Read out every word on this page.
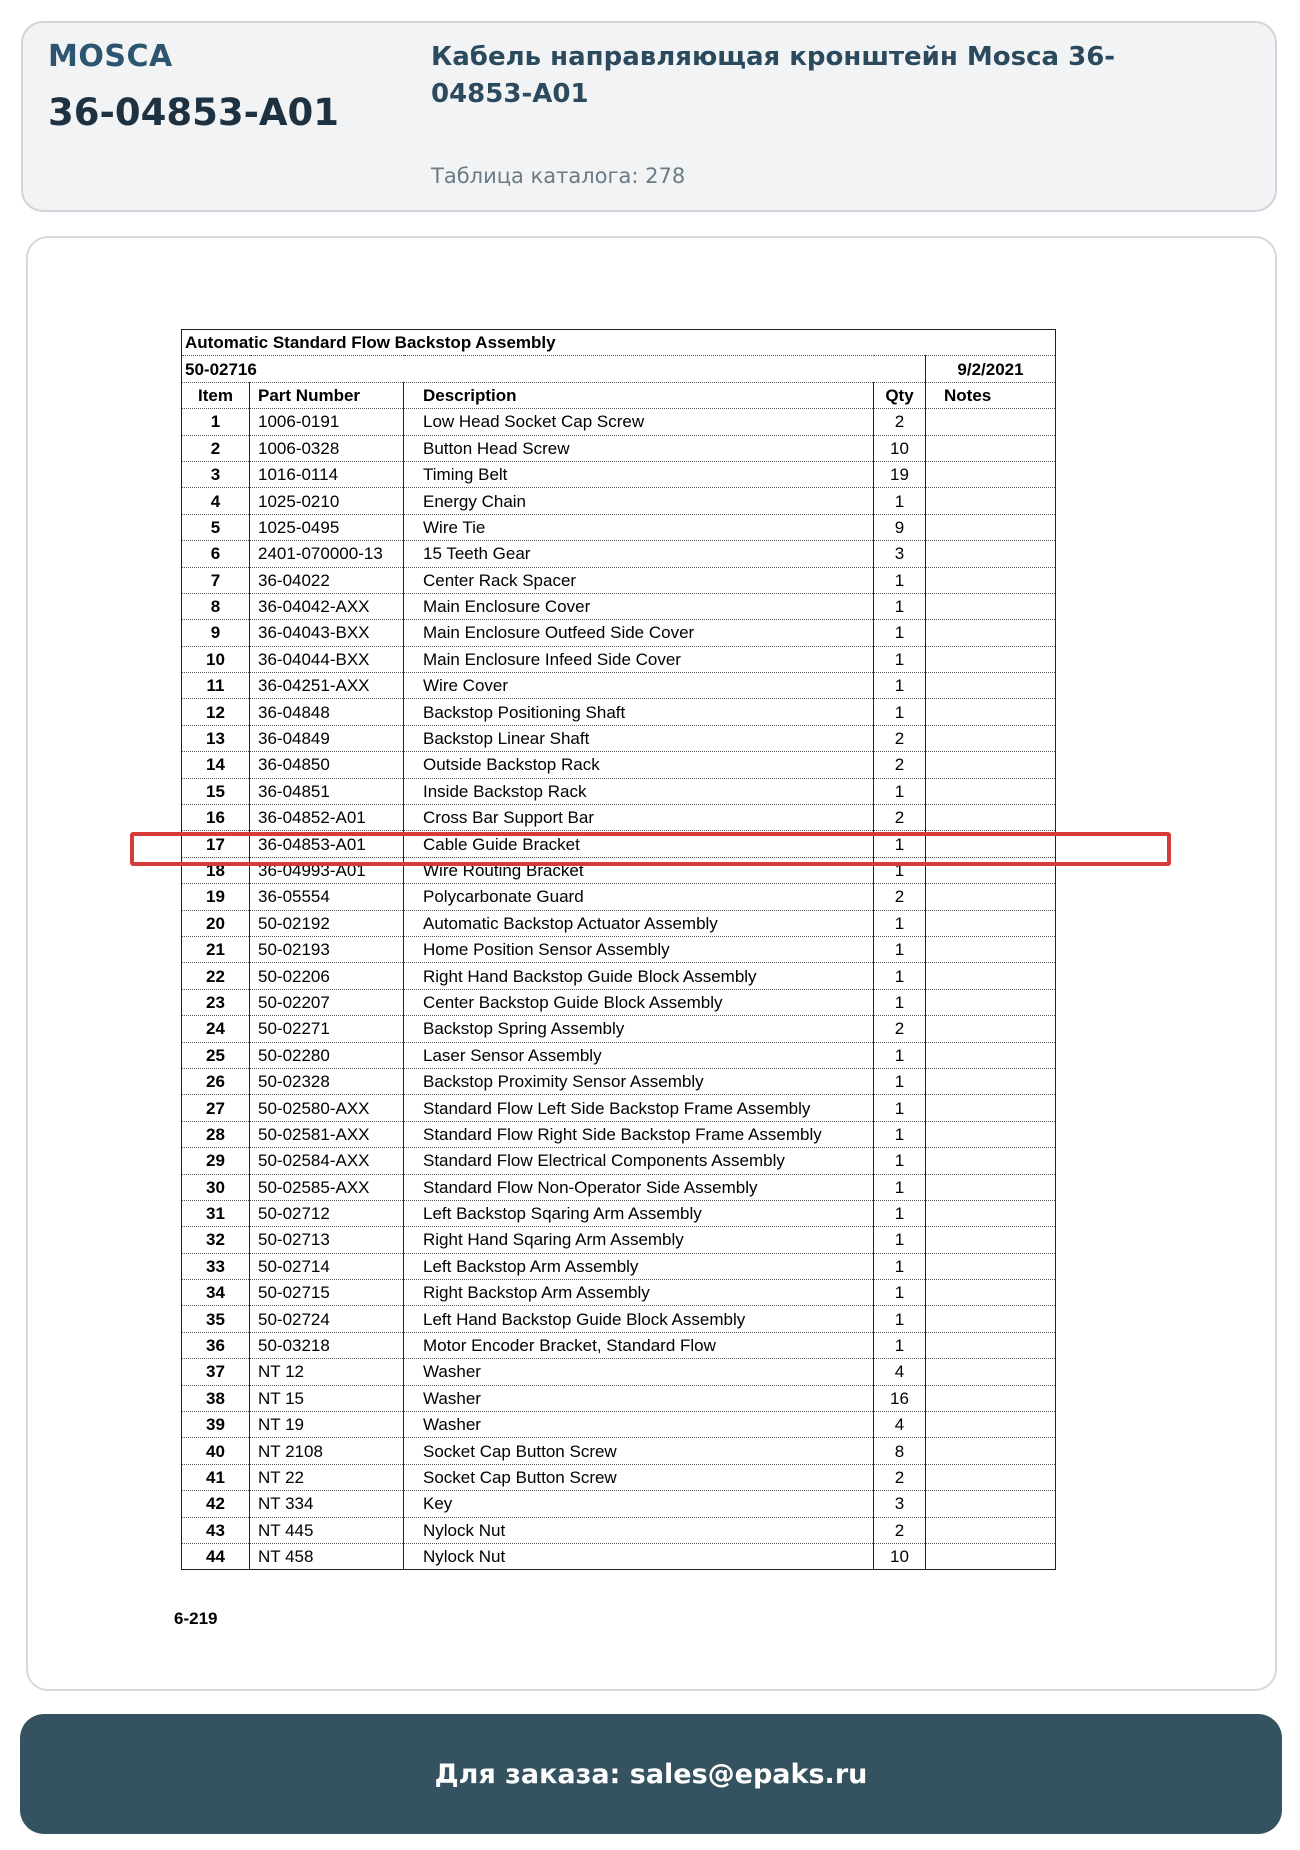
MOSCA
36-04853-A01
Кабель направляющая кронштейн Mosca 36-04853-A01
Таблица каталога: 278
Automatic Standard Flow Backstop Assembly				
50-02716				9/2/2021
Item	Part Number	Description	Qty	Notes
1	1006-0191	Low Head Socket Cap Screw	2	
2	1006-0328	Button Head Screw	10	
3	1016-0114	Timing Belt	19	
4	1025-0210	Energy Chain	1	
5	1025-0495	Wire Tie	9	
6	2401-070000-13	15 Teeth Gear	3	
7	36-04022	Center Rack Spacer	1	
8	36-04042-AXX	Main Enclosure Cover	1	
9	36-04043-BXX	Main Enclosure Outfeed Side Cover	1	
10	36-04044-BXX	Main Enclosure Infeed Side Cover	1	
11	36-04251-AXX	Wire Cover	1	
12	36-04848	Backstop Positioning Shaft	1	
13	36-04849	Backstop Linear Shaft	2	
14	36-04850	Outside Backstop Rack	2	
15	36-04851	Inside Backstop Rack	1	
16	36-04852-A01	Cross Bar Support Bar	2	
17	36-04853-A01	Cable Guide Bracket	1	
18	36-04993-A01	Wire Routing Bracket	1	
19	36-05554	Polycarbonate Guard	2	
20	50-02192	Automatic Backstop Actuator Assembly	1	
21	50-02193	Home Position Sensor Assembly	1	
22	50-02206	Right Hand Backstop Guide Block Assembly	1	
23	50-02207	Center Backstop Guide Block Assembly	1	
24	50-02271	Backstop Spring Assembly	2	
25	50-02280	Laser Sensor Assembly	1	
26	50-02328	Backstop Proximity Sensor Assembly	1	
27	50-02580-AXX	Standard Flow Left Side Backstop Frame Assembly	1	
28	50-02581-AXX	Standard Flow Right Side Backstop Frame Assembly	1	
29	50-02584-AXX	Standard Flow Electrical Components Assembly	1	
30	50-02585-AXX	Standard Flow Non-Operator Side Assembly	1	
31	50-02712	Left Backstop Sqaring Arm Assembly	1	
32	50-02713	Right Hand Sqaring Arm Assembly	1	
33	50-02714	Left Backstop Arm Assembly	1	
34	50-02715	Right Backstop Arm Assembly	1	
35	50-02724	Left Hand Backstop Guide Block Assembly	1	
36	50-03218	Motor Encoder Bracket, Standard Flow	1	
37	NT 12	Washer	4	
38	NT 15	Washer	16	
39	NT 19	Washer	4	
40	NT 2108	Socket Cap Button Screw	8	
41	NT 22	Socket Cap Button Screw	2	
42	NT 334	Key	3	
43	NT 445	Nylock Nut	2	
44	NT 458	Nylock Nut	10	
6-219
Для заказа: sales@epaks.ru
